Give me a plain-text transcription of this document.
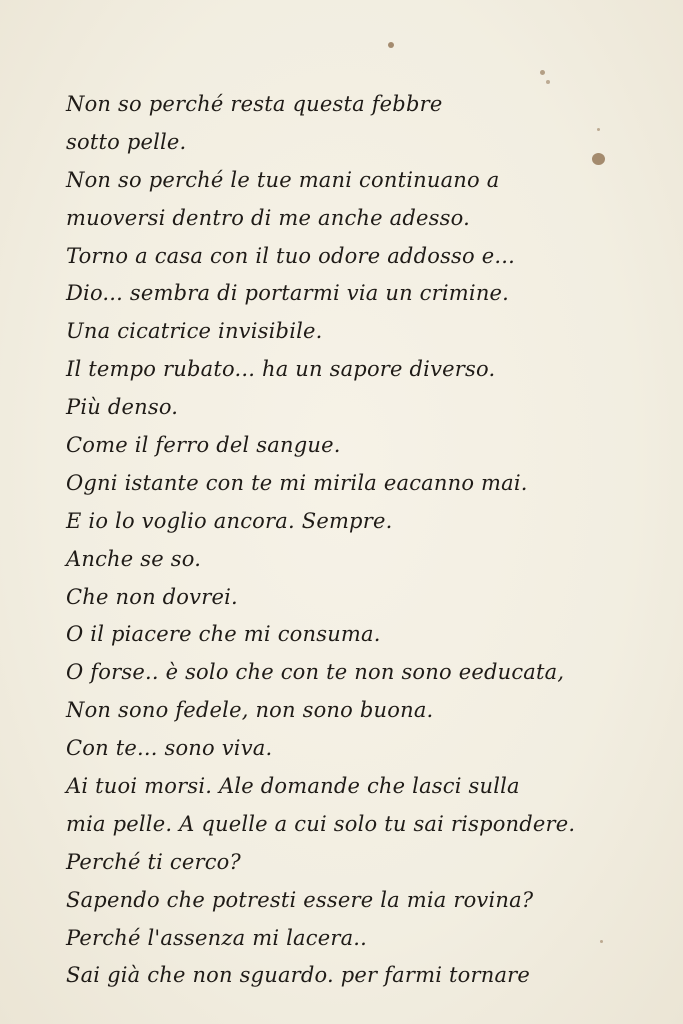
Non so perché resta questa febbre
sotto pelle.
Non so perché le tue mani continuano a
muoversi dentro di me anche adesso.
Torno a casa con il tuo odore addosso e...
Dio... sembra di portarmi via un crimine.
Una cicatrice invisibile.
Il tempo rubato... ha un sapore diverso.
Più denso.
Come il ferro del sangue.
Ogni istante con te mi mirila eacanno mai.
E io lo voglio ancora. Sempre.
Anche se so.
Che non dovrei.
O il piacere che mi consuma.
O forse.. è solo che con te non sono eeducata,
Non sono fedele, non sono buona.
Con te... sono viva.
Ai tuoi morsi. Ale domande che lasci sulla
mia pelle. A quelle a cui solo tu sai rispondere.
Perché ti cerco?
Sapendo che potresti essere la mia rovina?
Perché l'assenza mi lacera..
Sai già che non sguardo. per farmi tornare
